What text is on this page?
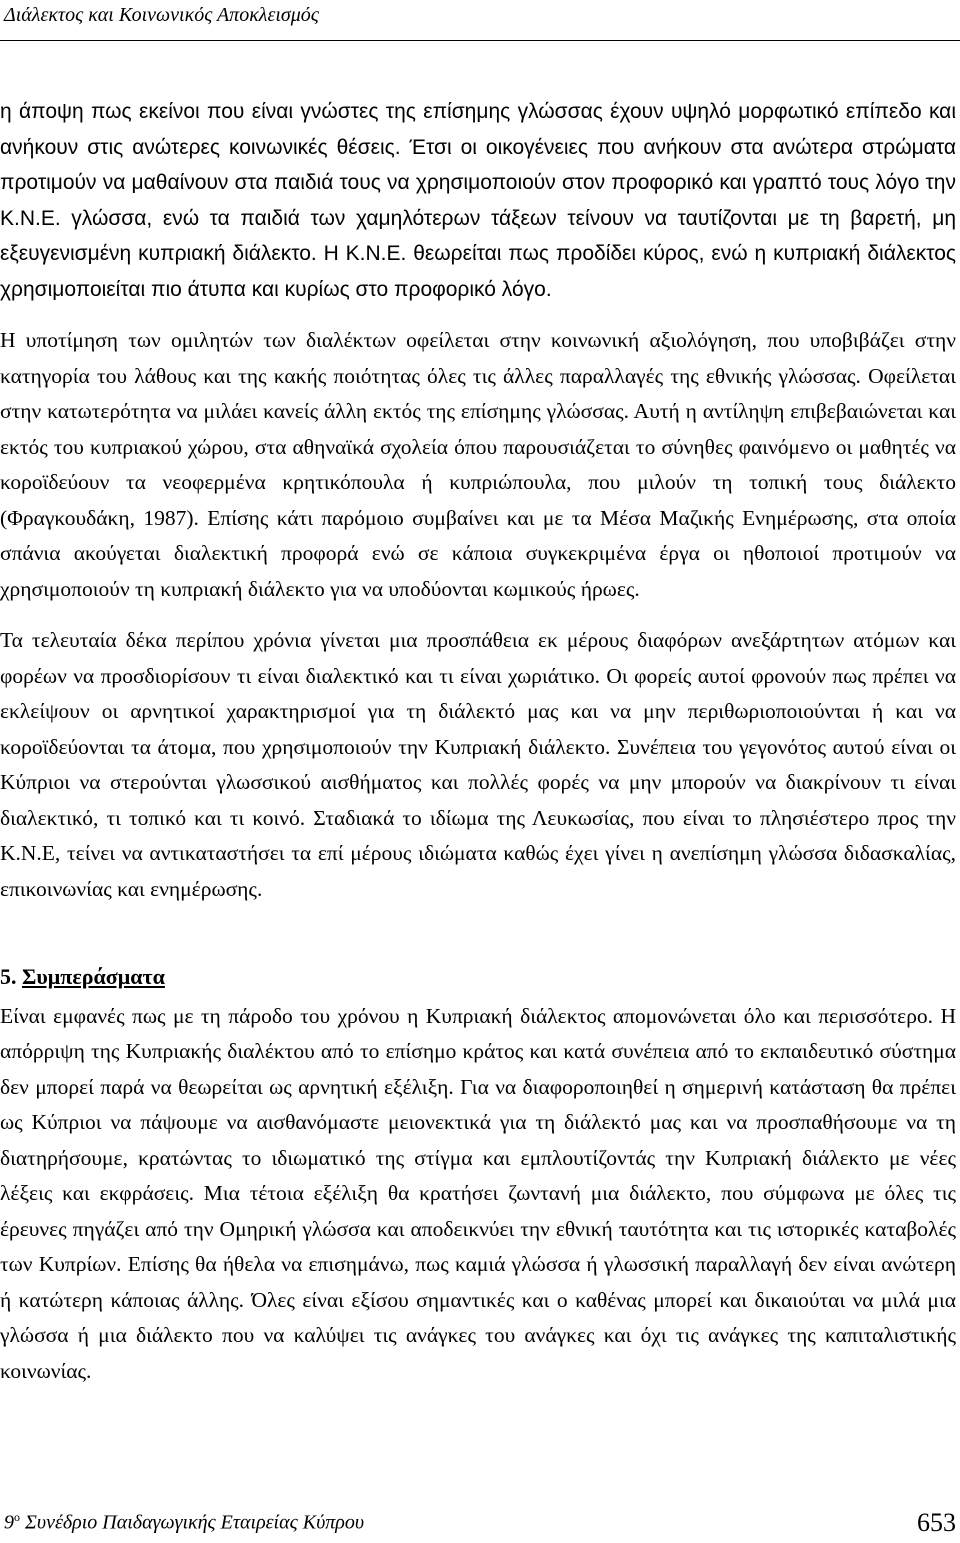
Διάλεκτος και Κοινωνικός Αποκλεισμός

η άποψη πως εκείνοι που είναι γνώστες της επίσημης γλώσσας έχουν υψηλό μορφωτικό επίπεδο και ανήκουν στις ανώτερες κοινωνικές θέσεις. Έτσι οι οικογένειες που ανήκουν στα ανώτερα στρώματα προτιμούν να μαθαίνουν στα παιδιά τους να χρησιμοποιούν στον προφορικό και γραπτό τους λόγο την Κ.Ν.Ε. γλώσσα, ενώ τα παιδιά των χαμηλότερων τάξεων τείνουν να ταυτίζονται με τη βαρετή, μη εξευγενισμένη κυπριακή διάλεκτο. Η Κ.Ν.Ε. θεωρείται πως προδίδει κύρος, ενώ η κυπριακή διάλεκτος χρησιμοποιείται πιο άτυπα και κυρίως στο προφορικό λόγο.

Η υποτίμηση των ομιλητών των διαλέκτων οφείλεται στην κοινωνική αξιολόγηση, που υποβιβάζει στην κατηγορία του λάθους και της κακής ποιότητας όλες τις άλλες παραλλαγές της εθνικής γλώσσας. Οφείλεται στην κατωτερότητα να μιλάει κανείς άλλη εκτός της επίσημης γλώσσας. Αυτή η αντίληψη επιβεβαιώνεται και εκτός του κυπριακού χώρου, στα αθηναϊκά σχολεία όπου παρουσιάζεται το σύνηθες φαινόμενο οι μαθητές να κοροϊδεύουν τα νεοφερμένα κρητικόπουλα ή κυπριώπουλα, που μιλούν τη τοπική τους διάλεκτο (Φραγκουδάκη, 1987). Επίσης κάτι παρόμοιο συμβαίνει και με τα Μέσα Μαζικής Ενημέρωσης, στα οποία σπάνια ακούγεται διαλεκτική προφορά ενώ σε κάποια συγκεκριμένα έργα οι ηθοποιοί προτιμούν να χρησιμοποιούν τη κυπριακή διάλεκτο για να υποδύονται κωμικούς ήρωες.

Τα τελευταία δέκα περίπου χρόνια γίνεται μια προσπάθεια εκ μέρους διαφόρων ανεξάρτητων ατόμων και φορέων να προσδιορίσουν τι είναι διαλεκτικό και τι είναι χωριάτικο. Οι φορείς αυτοί φρονούν πως πρέπει να εκλείψουν οι αρνητικοί χαρακτηρισμοί για τη διάλεκτό μας και να μην περιθωριοποιούνται ή και να κοροϊδεύονται τα άτομα, που χρησιμοποιούν την Κυπριακή διάλεκτο. Συνέπεια του γεγονότος αυτού είναι οι Κύπριοι να στερούνται γλωσσικού αισθήματος και πολλές φορές να μην μπορούν να διακρίνουν τι είναι διαλεκτικό, τι τοπικό και τι κοινό. Σταδιακά το ιδίωμα της Λευκωσίας, που είναι το πλησιέστερο προς την Κ.Ν.Ε, τείνει να αντικαταστήσει τα επί μέρους ιδιώματα καθώς έχει γίνει η ανεπίσημη γλώσσα διδασκαλίας, επικοινωνίας και ενημέρωσης.

5. Συμπεράσματα

Είναι εμφανές πως με τη πάροδο του χρόνου η Κυπριακή διάλεκτος απομονώνεται όλο και περισσότερο. Η απόρριψη της Κυπριακής διαλέκτου από το επίσημο κράτος και κατά συνέπεια από το εκπαιδευτικό σύστημα δεν μπορεί παρά να θεωρείται ως αρνητική εξέλιξη. Για να διαφοροποιηθεί η σημερινή κατάσταση θα πρέπει ως Κύπριοι να πάψουμε να αισθανόμαστε μειονεκτικά για τη διάλεκτό μας και να προσπαθήσουμε να τη διατηρήσουμε, κρατώντας το ιδιωματικό της στίγμα και εμπλουτίζοντάς την Κυπριακή διάλεκτο με νέες λέξεις και εκφράσεις. Μια τέτοια εξέλιξη θα κρατήσει ζωντανή μια διάλεκτο, που σύμφωνα με όλες τις έρευνες πηγάζει από την Ομηρική γλώσσα και αποδεικνύει την εθνική ταυτότητα και τις ιστορικές καταβολές των Κυπρίων. Επίσης θα ήθελα να επισημάνω, πως καμιά γλώσσα ή γλωσσική παραλλαγή δεν είναι ανώτερη ή κατώτερη κάποιας άλλης. Όλες είναι εξίσου σημαντικές και ο καθένας μπορεί και δικαιούται να μιλά μια γλώσσα ή μια διάλεκτο που να καλύψει τις ανάγκες του ανάγκες και όχι τις ανάγκες της καπιταλιστικής κοινωνίας.

$9^o$ Συνέδριο Παιδαγωγικής Εταιρείας Κύπρου	653
